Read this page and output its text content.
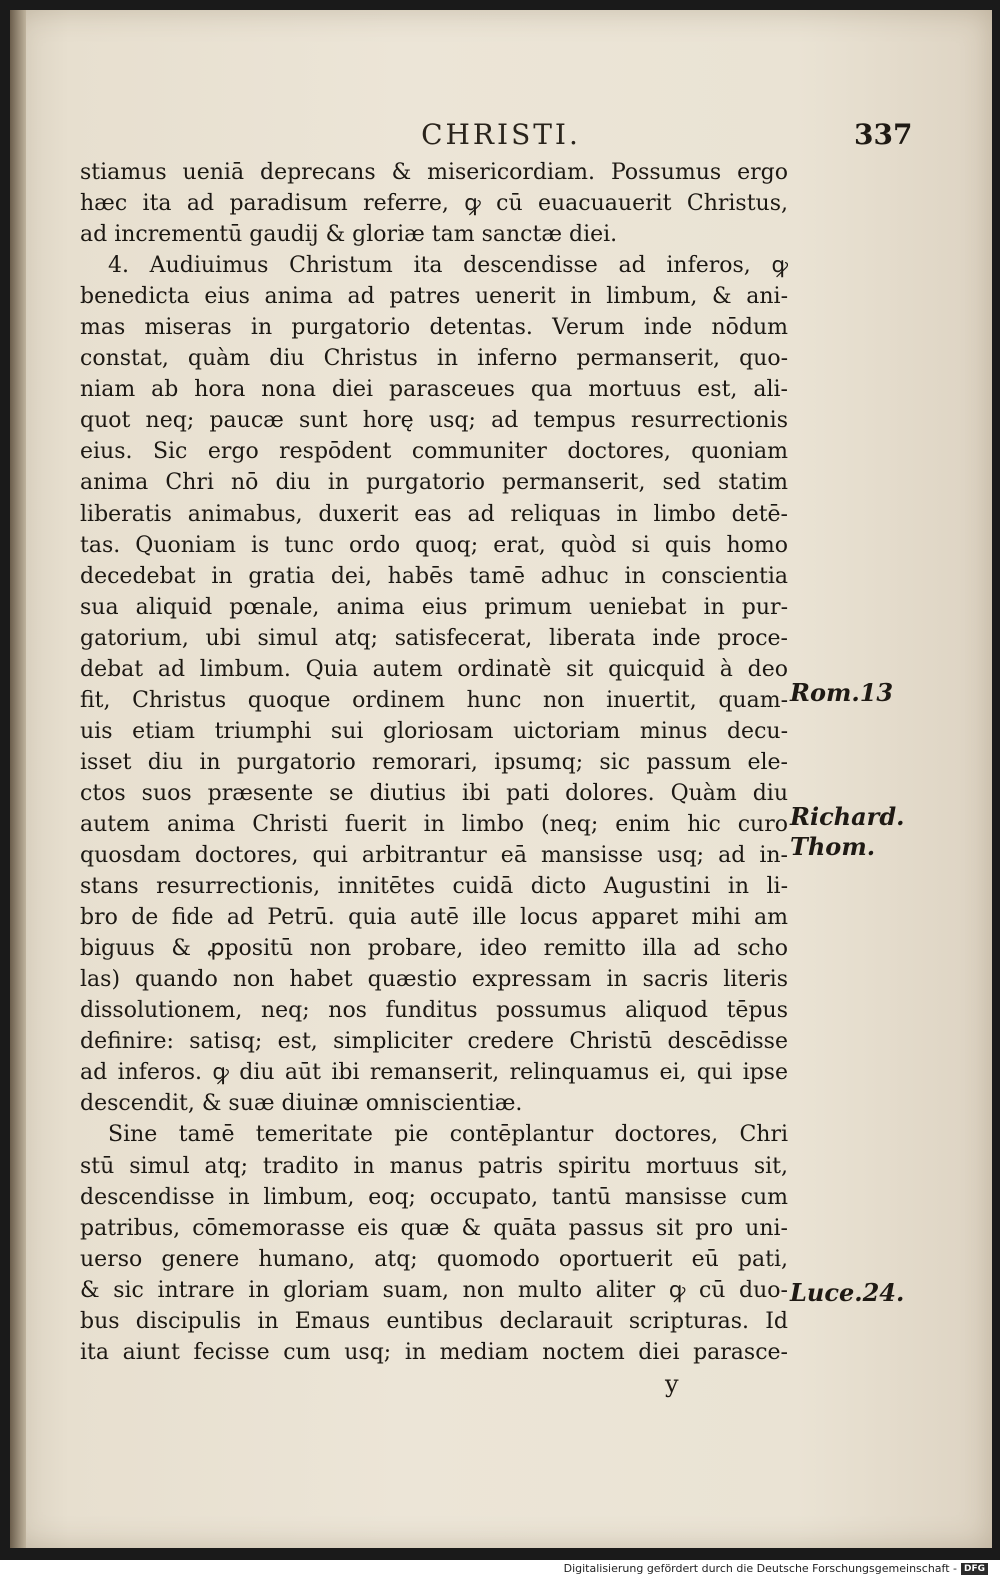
CHRISTI.	337
stiamus ueniā deprecans & misericordiam. Possumus ergo
hæc ita ad paradisum referre, ꝙ cū euacuauerit Christus,
ad incrementū gaudij & gloriæ tam sanctæ diei.
4. Audiuimus Christum ita descendisse ad inferos, ꝙ
benedicta eius anima ad patres uenerit in limbum, & ani-
mas miseras in purgatorio detentas. Verum inde nōdum
constat, quàm diu Christus in inferno permanserit, quo-
niam ab hora nona diei parasceues qua mortuus est, ali-
quot neq; paucæ sunt horę usq; ad tempus resurrectionis
eius. Sic ergo respōdent communiter doctores, quoniam
anima Chri nō diu in purgatorio permanserit, sed statim
liberatis animabus, duxerit eas ad reliquas in limbo detē-
tas. Quoniam is tunc ordo quoq; erat, quòd si quis homo
decedebat in gratia dei, habēs tamē adhuc in conscientia
sua aliquid pœnale, anima eius primum ueniebat in pur-
gatorium, ubi simul atq; satisfecerat, liberata inde proce-
debat ad limbum. Quia autem ordinatè sit quicquid à deo
fit, Christus quoque ordinem hunc non inuertit, quam-
uis etiam triumphi sui gloriosam uictoriam minus decu-
isset diu in purgatorio remorari, ipsumq; sic passum ele-
ctos suos præsente se diutius ibi pati dolores. Quàm diu
autem anima Christi fuerit in limbo (neq; enim hic curo
quosdam doctores, qui arbitrantur eā mansisse usq; ad in-
stans resurrectionis, innitētes cuidā dicto Augustini in li-
bro de fide ad Petrū. quia autē ille locus apparet mihi am
biguus & ꝓpositū non probare, ideo remitto illa ad scho
las) quando non habet quæstio expressam in sacris literis
dissolutionem, neq; nos funditus possumus aliquod tēpus
definire: satisq; est, simpliciter credere Christū descēdisse
ad inferos. ꝙ diu aūt ibi remanserit, relinquamus ei, qui ipse
descendit, & suæ diuinæ omniscientiæ.
Sine tamē temeritate pie contēplantur doctores, Chri
stū simul atq; tradito in manus patris spiritu mortuus sit,
descendisse in limbum, eoq; occupato, tantū mansisse cum
patribus, cōmemorasse eis quæ & quāta passus sit pro uni-
uerso genere humano, atq; quomodo oportuerit eū pati,
& sic intrare in gloriam suam, non multo aliter ꝙ cū duo-
bus discipulis in Emaus euntibus declarauit scripturas. Id
ita aiunt fecisse cum usq; in mediam noctem diei parasce-
Rom.13
Richard.
Thom.
Luce.24.
y
Digitalisierung gefördert durch die Deutsche Forschungsgemeinschaft - DFG
